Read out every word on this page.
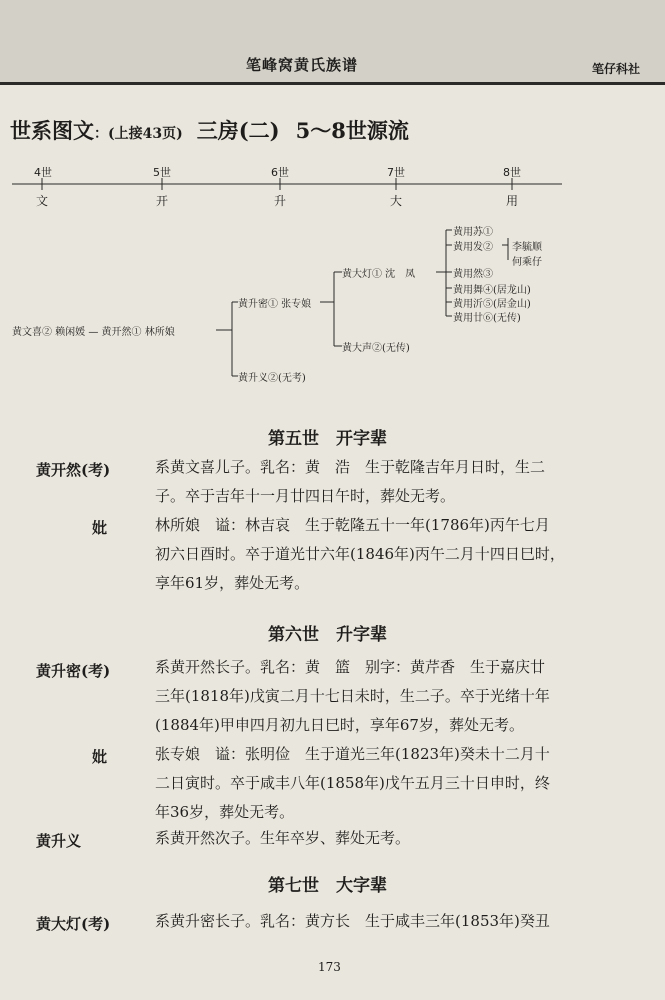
笔峰窝黄氏族谱	笔仔科社
世系图文：(上接43页) 三房(二) 5～8世源流
4世	5世	6世	7世	8世
文	开	升	大	用
黄文喜② 赖闲媛 — 黄开然① 林所娘
黄升密① 张专娘
黄升义②(无考)
黄大灯① 沈　凤
黄大声②(无传)
黄用苏①
黄用发②
黄用然③
黄用舞④(居龙山)
黄用沂⑤(居金山)
黄用廿⑥(无传)
李毓顺
何乘仔
第五世　开字辈
黄开然(考)	系黄文喜儿子。乳名：黄　浩　生于乾隆吉年月日时，生二

子。卒于吉年十一月廿四日午时，葬处无考。

妣	林所娘　谥：林吉哀　生于乾隆五十一年(1786年)丙午七月

初六日酉时。卒于道光廿六年(1846年)丙午二月十四日巳时，

享年61岁，葬处无考。

第六世　升字辈
黄升密(考)	系黄开然长子。乳名：黄　篮　别字：黄芹香　生于嘉庆廿

三年(1818年)戊寅二月十七日未时，生二子。卒于光绪十年

(1884年)甲申四月初九日巳时，享年67岁，葬处无考。

妣	张专娘　谥：张明俭　生于道光三年(1823年)癸未十二月十

二日寅时。卒于咸丰八年(1858年)戊午五月三十日申时，终

年36岁，葬处无考。

黄升义	系黄开然次子。生年卒岁、葬处无考。

第七世　大字辈
黄大灯(考)	系黄升密长子。乳名：黄方长　生于咸丰三年(1853年)癸丑

173
